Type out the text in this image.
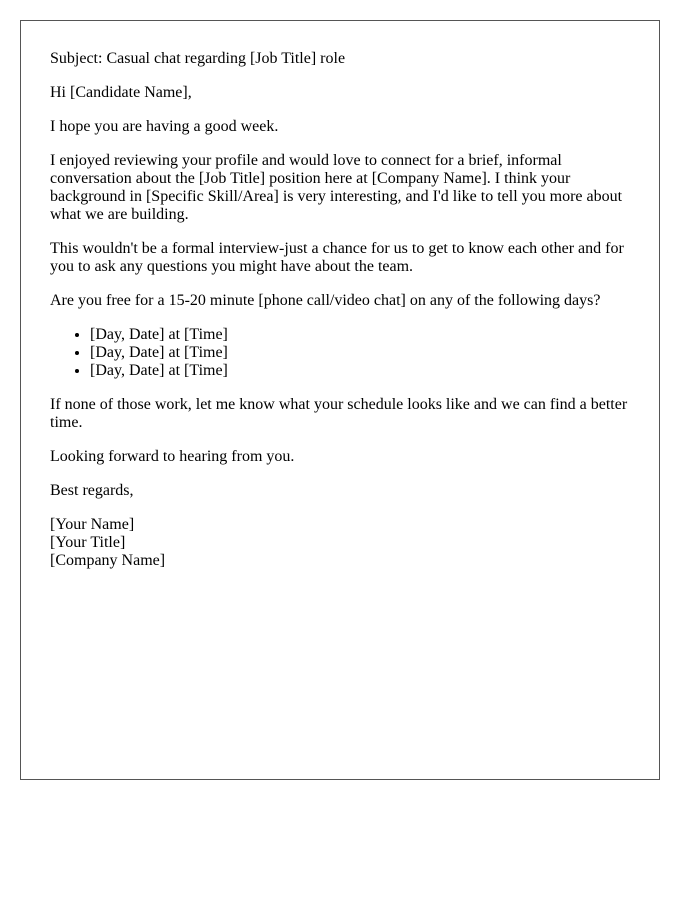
Subject: Casual chat regarding [Job Title] role

Hi [Candidate Name],

I hope you are having a good week.

I enjoyed reviewing your profile and would love to connect for a brief, informal conversation about the [Job Title] position here at [Company Name]. I think your background in [Specific Skill/Area] is very interesting, and I'd like to tell you more about what we are building.

This wouldn't be a formal interview-just a chance for us to get to know each other and for you to ask any questions you might have about the team.

Are you free for a 15-20 minute [phone call/video chat] on any of the following days?

• [Day, Date] at [Time]
• [Day, Date] at [Time]
• [Day, Date] at [Time]

If none of those work, let me know what your schedule looks like and we can find a better time.

Looking forward to hearing from you.

Best regards,

[Your Name]
[Your Title]
[Company Name]
